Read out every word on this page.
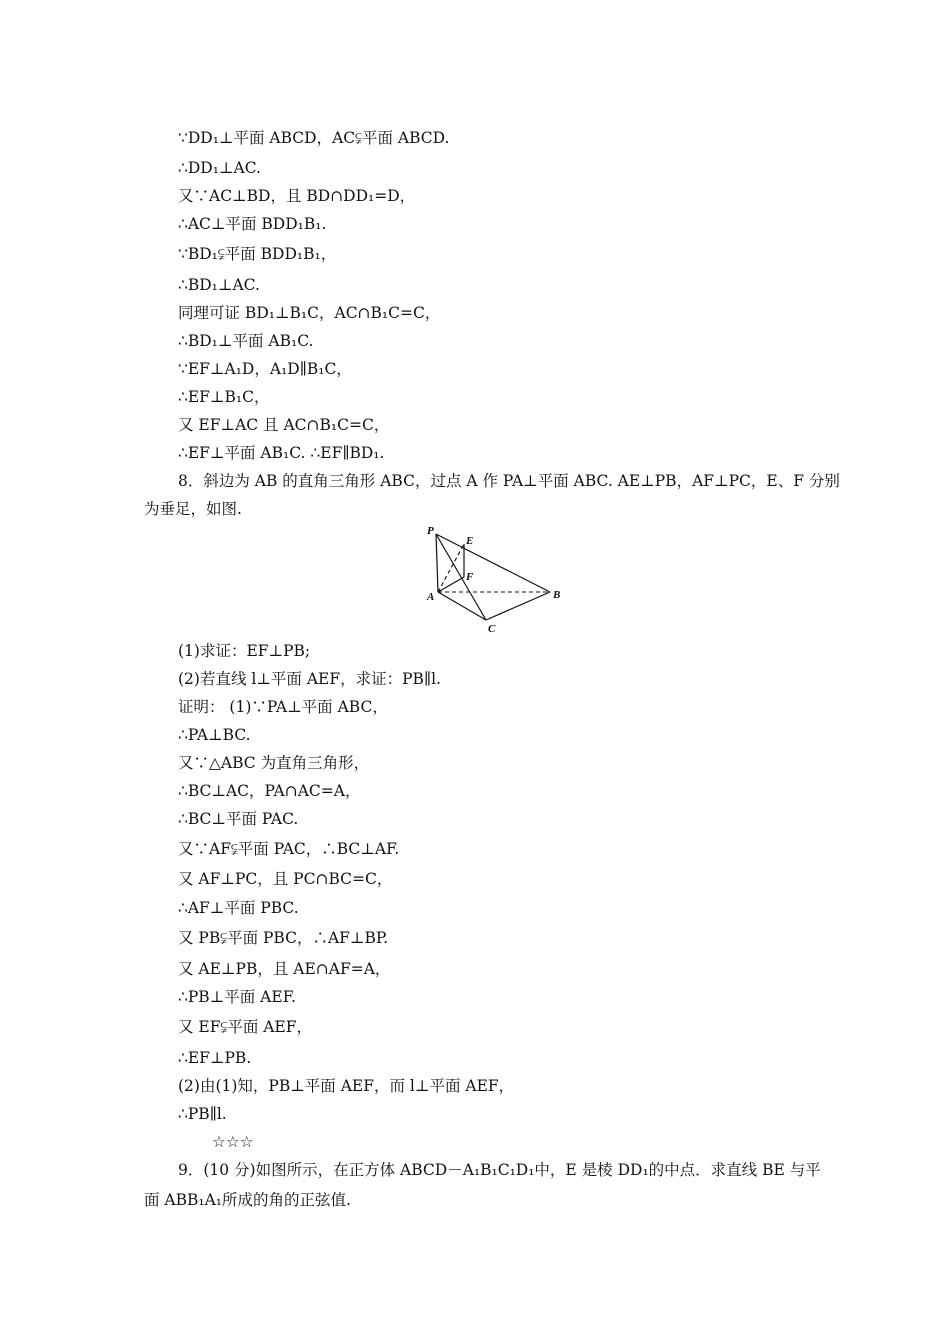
∵DD₁⊥平面 ABCD，AC⫋平面 ABCD.
∴DD₁⊥AC.
又∵AC⊥BD，且 BD∩DD₁=D，
∴AC⊥平面 BDD₁B₁.
∵BD₁⫋平面 BDD₁B₁，
∴BD₁⊥AC.
同理可证 BD₁⊥B₁C，AC∩B₁C=C，
∴BD₁⊥平面 AB₁C.
∵EF⊥A₁D，A₁D∥B₁C，
∴EF⊥B₁C，
又 EF⊥AC 且 AC∩B₁C=C，
∴EF⊥平面 AB₁C. ∴EF∥BD₁.
8．斜边为 AB 的直角三角形 ABC，过点 A 作 PA⊥平面 ABC. AE⊥PB，AF⊥PC，E、F 分别
为垂足，如图.
P
E
F
A	B
C
(1)求证：EF⊥PB;
(2)若直线 l⊥平面 AEF，求证：PB∥l.
证明： (1)∵PA⊥平面 ABC，
∴PA⊥BC.
又∵△ABC 为直角三角形，
∴BC⊥AC，PA∩AC=A，
∴BC⊥平面 PAC.
又∵AF⫋平面 PAC，∴BC⊥AF.
又 AF⊥PC，且 PC∩BC=C，
∴AF⊥平面 PBC.
又 PB⫋平面 PBC，∴AF⊥BP.
又 AE⊥PB，且 AE∩AF=A，
∴PB⊥平面 AEF.
又 EF⫋平面 AEF，
∴EF⊥PB.
(2)由(1)知，PB⊥平面 AEF，而 l⊥平面 AEF，
∴PB∥l.
☆☆☆
9．(10 分)如图所示，在正方体 ABCD－A₁B₁C₁D₁中，E 是棱 DD₁的中点．求直线 BE 与平
面 ABB₁A₁所成的角的正弦值.
